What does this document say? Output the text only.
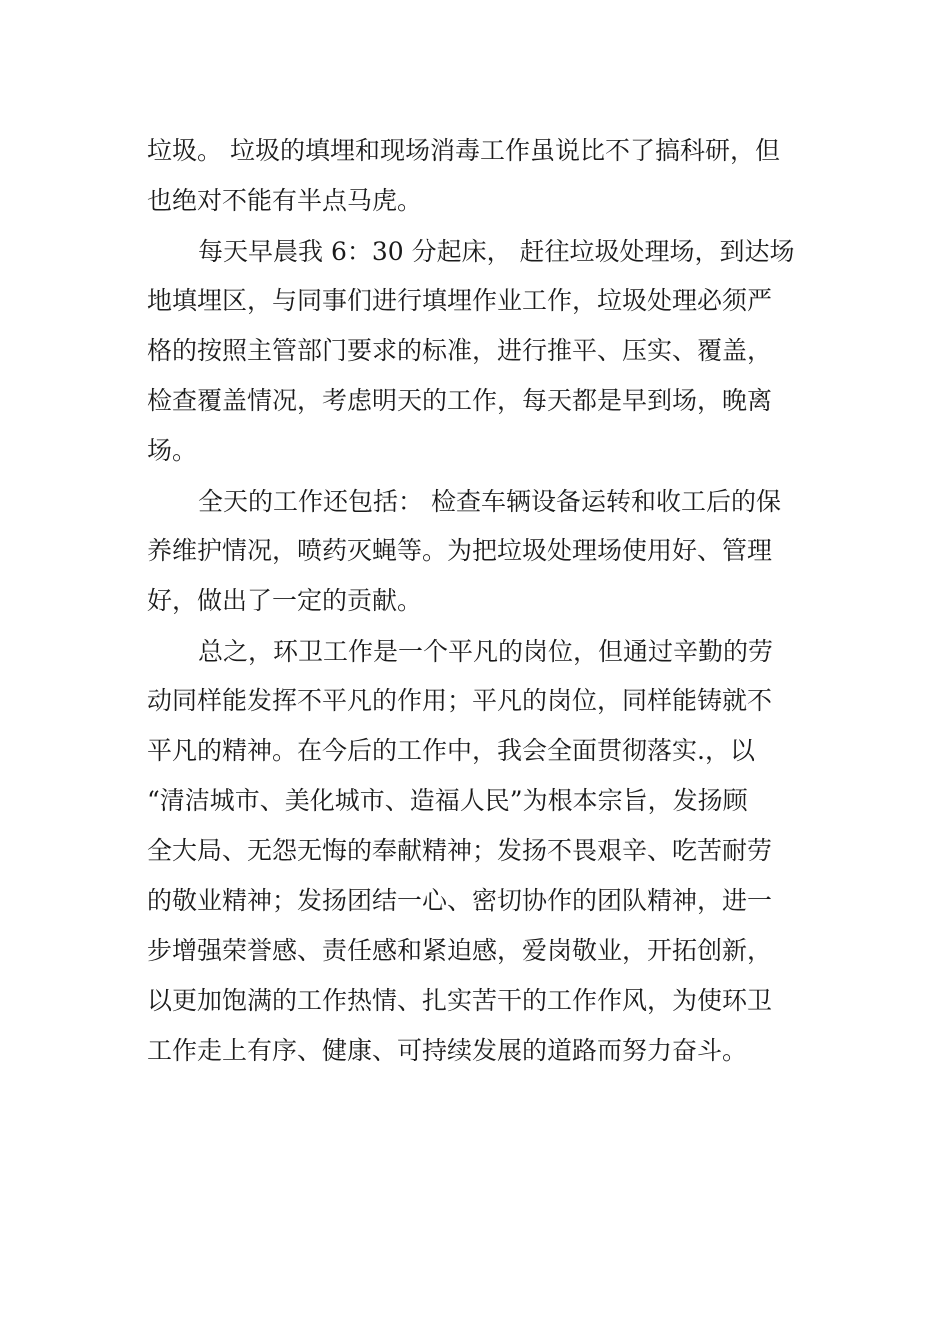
垃圾。 垃圾的填埋和现场消毒工作虽说比不了搞科研，但
也绝对不能有半点马虎。
每天早晨我 6：30 分起床， 赶往垃圾处理场，到达场
地填埋区，与同事们进行填埋作业工作，垃圾处理必须严
格的按照主管部门要求的标准，进行推平、压实、覆盖，
检查覆盖情况，考虑明天的工作，每天都是早到场，晚离
场。
全天的工作还包括： 检查车辆设备运转和收工后的保
养维护情况，喷药灭蝇等。为把垃圾处理场使用好、管理
好，做出了一定的贡献。
总之，环卫工作是一个平凡的岗位，但通过辛勤的劳
动同样能发挥不平凡的作用；平凡的岗位，同样能铸就不
平凡的精神。在今后的工作中，我会全面贯彻落实.，以
“清洁城市、美化城市、造福人民”为根本宗旨，发扬顾
全大局、无怨无悔的奉献精神；发扬不畏艰辛、吃苦耐劳
的敬业精神；发扬团结一心、密切协作的团队精神，进一
步增强荣誉感、责任感和紧迫感，爱岗敬业，开拓创新，
以更加饱满的工作热情、扎实苦干的工作作风，为使环卫
工作走上有序、健康、可持续发展的道路而努力奋斗。
